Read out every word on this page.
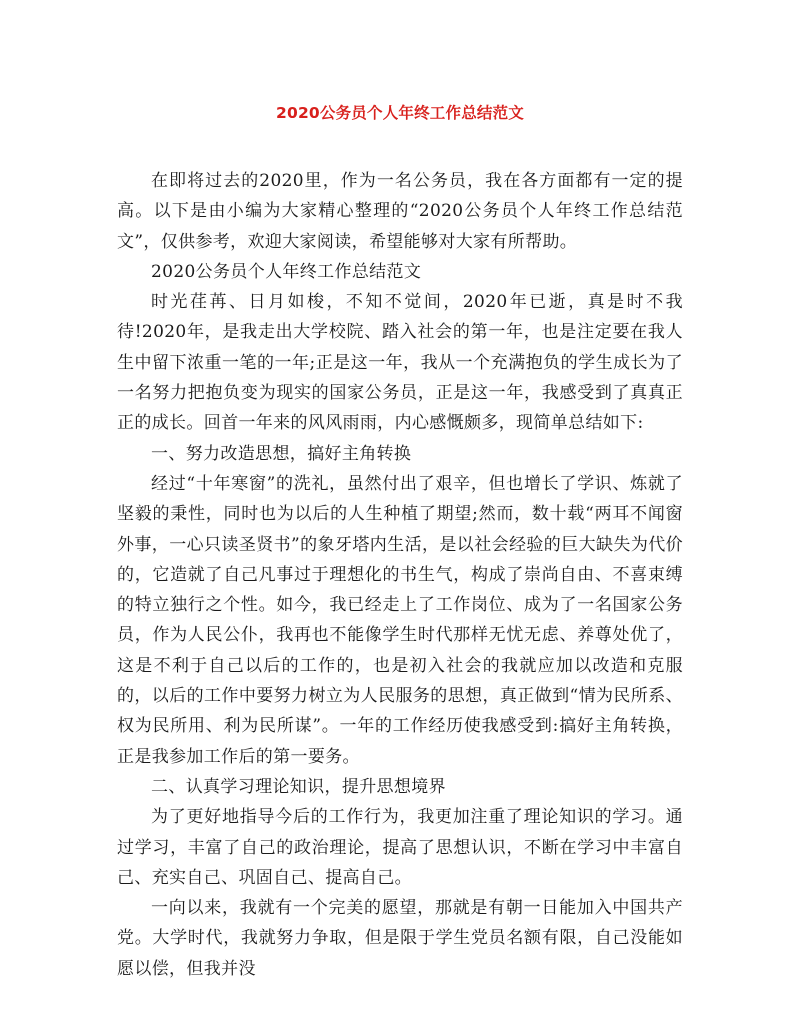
2020公务员个人年终工作总结范文

在即将过去的2020里，作为一名公务员，我在各方面都有一定的提高。以下是由小编为大家精心整理的“2020公务员个人年终工作总结范文”，仅供参考，欢迎大家阅读，希望能够对大家有所帮助。

2020公务员个人年终工作总结范文

时光荏苒、日月如梭，不知不觉间，2020年已逝，真是时不我待!2020年，是我走出大学校院、踏入社会的第一年，也是注定要在我人生中留下浓重一笔的一年;正是这一年，我从一个充满抱负的学生成长为了一名努力把抱负变为现实的国家公务员，正是这一年，我感受到了真真正正的成长。回首一年来的风风雨雨，内心感慨颇多，现简单总结如下:

一、努力改造思想，搞好主角转换

经过“十年寒窗”的洗礼，虽然付出了艰辛，但也增长了学识、炼就了坚毅的秉性，同时也为以后的人生种植了期望;然而，数十载“两耳不闻窗外事，一心只读圣贤书”的象牙塔内生活，是以社会经验的巨大缺失为代价的，它造就了自己凡事过于理想化的书生气，构成了崇尚自由、不喜束缚的特立独行之个性。如今，我已经走上了工作岗位、成为了一名国家公务员，作为人民公仆，我再也不能像学生时代那样无忧无虑、养尊处优了，这是不利于自己以后的工作的，也是初入社会的我就应加以改造和克服的，以后的工作中要努力树立为人民服务的思想，真正做到“情为民所系、权为民所用、利为民所谋”。一年的工作经历使我感受到:搞好主角转换，正是我参加工作后的第一要务。

二、认真学习理论知识，提升思想境界

为了更好地指导今后的工作行为，我更加注重了理论知识的学习。通过学习，丰富了自己的政治理论，提高了思想认识，不断在学习中丰富自己、充实自己、巩固自己、提高自己。

一向以来，我就有一个完美的愿望，那就是有朝一日能加入中国共产党。大学时代，我就努力争取，但是限于学生党员名额有限，自己没能如愿以偿，但我并没
